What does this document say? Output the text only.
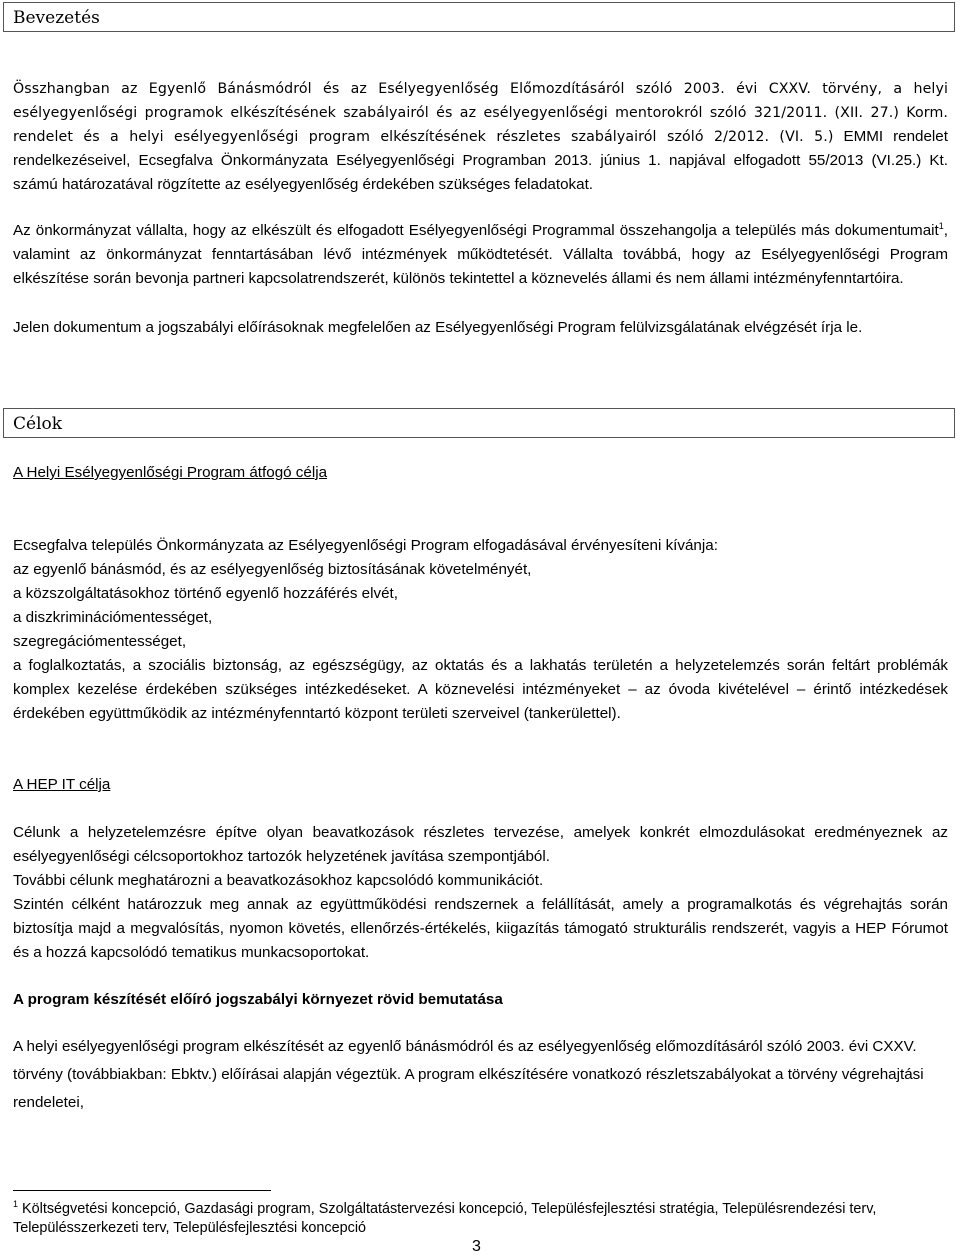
Bevezetés

Összhangban az Egyenlő Bánásmódról és az Esélyegyenlőség Előmozdításáról szóló 2003. évi CXXV. törvény, a helyi esélyegyenlőségi programok elkészítésének szabályairól és az esélyegyenlőségi mentorokról szóló 321/2011. (XII. 27.) Korm. rendelet és a helyi esélyegyenlőségi program elkészítésének részletes szabályairól szóló 2/2012. (VI. 5.) EMMI rendelet rendelkezéseivel, Ecsegfalva Önkormányzata Esélyegyenlőségi Programban 2013. június 1. napjával elfogadott 55/2013 (VI.25.) Kt. számú határozatával rögzítette az esélyegyenlőség érdekében szükséges feladatokat.

Az önkormányzat vállalta, hogy az elkészült és elfogadott Esélyegyenlőségi Programmal összehangolja a település más dokumentumait$^1$, valamint az önkormányzat fenntartásában lévő intézmények működtetését. Vállalta továbbá, hogy az Esélyegyenlőségi Program elkészítése során bevonja partneri kapcsolatrendszerét, különös tekintettel a köznevelés állami és nem állami intézményfenntartóira.

Jelen dokumentum a jogszabályi előírásoknak megfelelően az Esélyegyenlőségi Program felülvizsgálatának elvégzését írja le.

Célok

A Helyi Esélyegyenlőségi Program átfogó célja

Ecsegfalva település Önkormányzata az Esélyegyenlőségi Program elfogadásával érvényesíteni kívánja:
az egyenlő bánásmód, és az esélyegyenlőség biztosításának követelményét,
a közszolgáltatásokhoz történő egyenlő hozzáférés elvét,
a diszkriminációmentességet,
szegregációmentességet,

a foglalkoztatás, a szociális biztonság, az egészségügy, az oktatás és a lakhatás területén a helyzetelemzés során feltárt problémák komplex kezelése érdekében szükséges intézkedéseket. A köznevelési intézményeket – az óvoda kivételével – érintő intézkedések érdekében együttműködik az intézményfenntartó központ területi szerveivel (tankerülettel).

A HEP IT célja

Célunk a helyzetelemzésre építve olyan beavatkozások részletes tervezése, amelyek konkrét elmozdulásokat eredményeznek az esélyegyenlőségi célcsoportokhoz tartozók helyzetének javítása szempontjából.

További célunk meghatározni a beavatkozásokhoz kapcsolódó kommunikációt.

Szintén célként határozzuk meg annak az együttműködési rendszernek a felállítását, amely a programalkotás és végrehajtás során biztosítja majd a megvalósítás, nyomon követés, ellenőrzés-értékelés, kiigazítás támogató strukturális rendszerét, vagyis a HEP Fórumot és a hozzá kapcsolódó tematikus munkacsoportokat.

A program készítését előíró jogszabályi környezet rövid bemutatása

A helyi esélyegyenlőségi program elkészítését az egyenlő bánásmódról és az esélyegyenlőség előmozdításáról szóló 2003. évi CXXV. törvény (továbbiakban: Ebktv.) előírásai alapján végeztük. A program elkészítésére vonatkozó részletszabályokat a törvény végrehajtási rendeletei,

$^1$ Költségvetési koncepció, Gazdasági program, Szolgáltatástervezési koncepció, Településfejlesztési stratégia, Településrendezési terv, Településszerkezeti terv, Településfejlesztési koncepció
3
